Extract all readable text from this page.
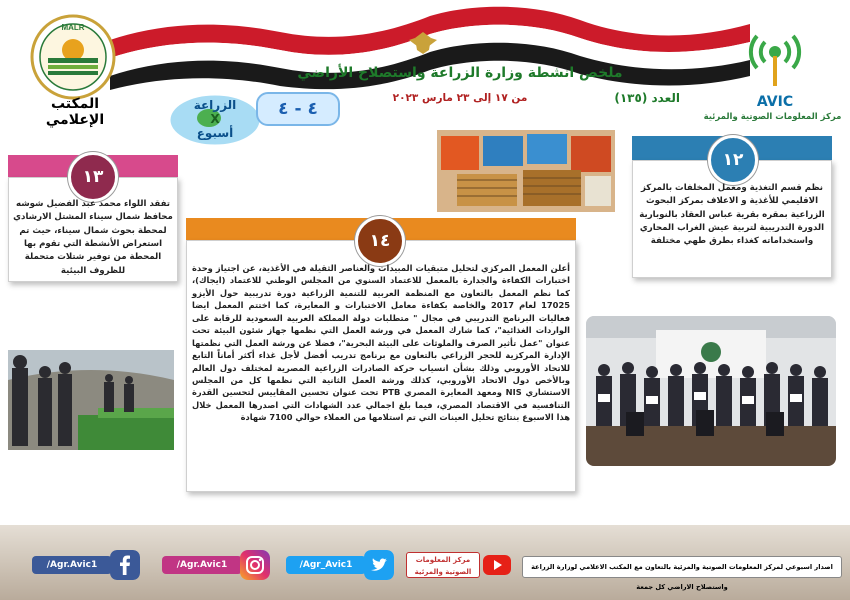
ملخص انشطة وزارة الزراعة واستصلاح الأراضي
العدد (١٣٥)
من ١٧ إلى ٢٣ مارس ٢٠٢٣
MALR
المكتب الإعلامي
AVIC
مركز المعلومات الصوتية والمرئية
الزراعة
X
أسبوع
٤ - ٤
١٢
نظم قسم التغذية ومعمل المخلفات بالمركز الاقليمي للأغذية و الاعلاف بمركز البحوث الزراعية بمقره بقرية عباس العقاد بالنوبارية الدورة التدريبية لتربية عيش الغراب المحاري واستخداماته كغذاء بطرق طهي مختلفة
١٣
تفقد اللواء محمد عبد الفضيل شوشه محافظ شمال سيناء المشتل الارشادي لمحطة بحوث شمال سيناء، حيث تم استعراض الأنشطة التي تقوم بها المحطة من توفير شتلات متحملة للظروف البيئية
١٤
أعلن المعمل المركزي لتحليل متبقيات المبيدات والعناصر الثقيلة في الأغذية، عن اجتياز وحدة اختبارات الكفاءة والجدارة بالمعمل للاعتماد السنوي من المجلس الوطني للاعتماد (ايجاك)، كما نظم المعمل بالتعاون مع المنظمة العربية للتنمية الزراعية دورة تدريبية حول الأيزو 17025 لعام 2017 والخاصة بكفاءة معامل الاختبارات و المعايرة، كما اختتم المعمل ايضا فعاليات البرنامج التدريبي في مجال " متطلبات دولة المملكة العربية السعودية للرقابة على الواردات الغذائية"، كما شارك المعمل في ورشة العمل التي نظمها جهاز شئون البيئة تحت عنوان "عمل تأثير الصرف والملوثات على البيئة البحرية"، فضلا عن ورشة العمل التي نظمتها الإدارة المركزية للحجر الزراعي بالتعاون مع برنامج تدريب أفضل لأجل غذاء أكثر أماناً التابع للاتحاد الأوروبي وذلك بشأن انسياب حركة الصادرات الزراعية المصرية لمختلف دول العالم وبالأخص دول الاتحاد الأوروبي، كذلك ورشة العمل الثانية التي نظمها كل من المجلس الاستشاري NIS ومعهد المعايرة المصري PTB تحت عنوان تحسين المقاييس لتحسين القدرة التنافسية في الاقتصاد المصري، فيما بلغ اجمالي عدد الشهادات التي اصدرها المعمل خلال هذا الاسبوع بنتائج تحليل العينات التي تم استلامها من العملاء حوالي 7100 شهادة
اصدار اسبوعي لمركز المعلومات الصوتية والمرئية بالتعاون مع المكتب الاعلامي لوزارة الزراعة واستصلاح الاراضي كل جمعة
مركز المعلومات الصوتية والمرئية
/Agr_Avic1
/Agr.Avic1
/Agr.Avic1
